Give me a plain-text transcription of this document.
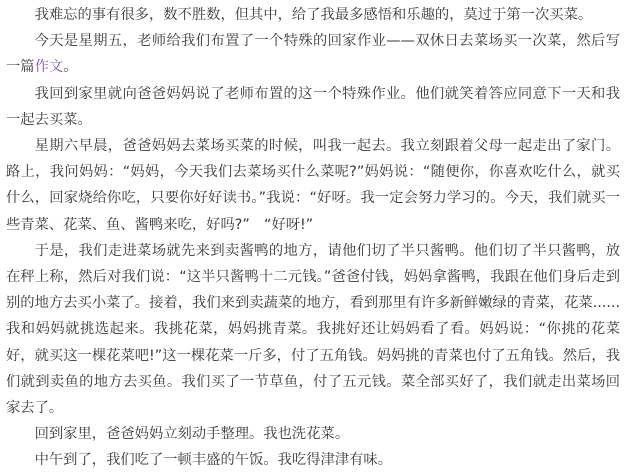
我难忘的事有很多，数不胜数，但其中，给了我最多感悟和乐趣的，莫过于第一次买菜。

今天是星期五，老师给我们布置了一个特殊的回家作业——双休日去菜场买一次菜，然后写一篇作文。

我回到家里就向爸爸妈妈说了老师布置的这一个特殊作业。他们就笑着答应同意下一天和我一起去买菜。

星期六早晨，爸爸妈妈去菜场买菜的时候，叫我一起去。我立刻跟着父母一起走出了家门。路上，我问妈妈：“妈妈，今天我们去菜场买什么菜呢?”妈妈说：“随便你，你喜欢吃什么，就买什么，回家烧给你吃，只要你好好读书。”我说：“好呀。我一定会努力学习的。今天，我们就买一些青菜、花菜、鱼、酱鸭来吃，好吗?”　“好呀!”

于是，我们走进菜场就先来到卖酱鸭的地方，请他们切了半只酱鸭。他们切了半只酱鸭，放在秤上称，然后对我们说：“这半只酱鸭十二元钱。”爸爸付钱，妈妈拿酱鸭，我跟在他们身后走到别的地方去买小菜了。接着，我们来到卖蔬菜的地方，看到那里有许多新鲜嫩绿的青菜，花菜......我和妈妈就挑选起来。我挑花菜，妈妈挑青菜。我挑好还让妈妈看了看。妈妈说：“你挑的花菜好，就买这一棵花菜吧!”这一棵花菜一斤多，付了五角钱。妈妈挑的青菜也付了五角钱。然后，我们就到卖鱼的地方去买鱼。我们买了一节草鱼，付了五元钱。菜全部买好了，我们就走出菜场回家去了。

回到家里，爸爸妈妈立刻动手整理。我也洗花菜。

中午到了，我们吃了一顿丰盛的午饭。我吃得津津有味。
